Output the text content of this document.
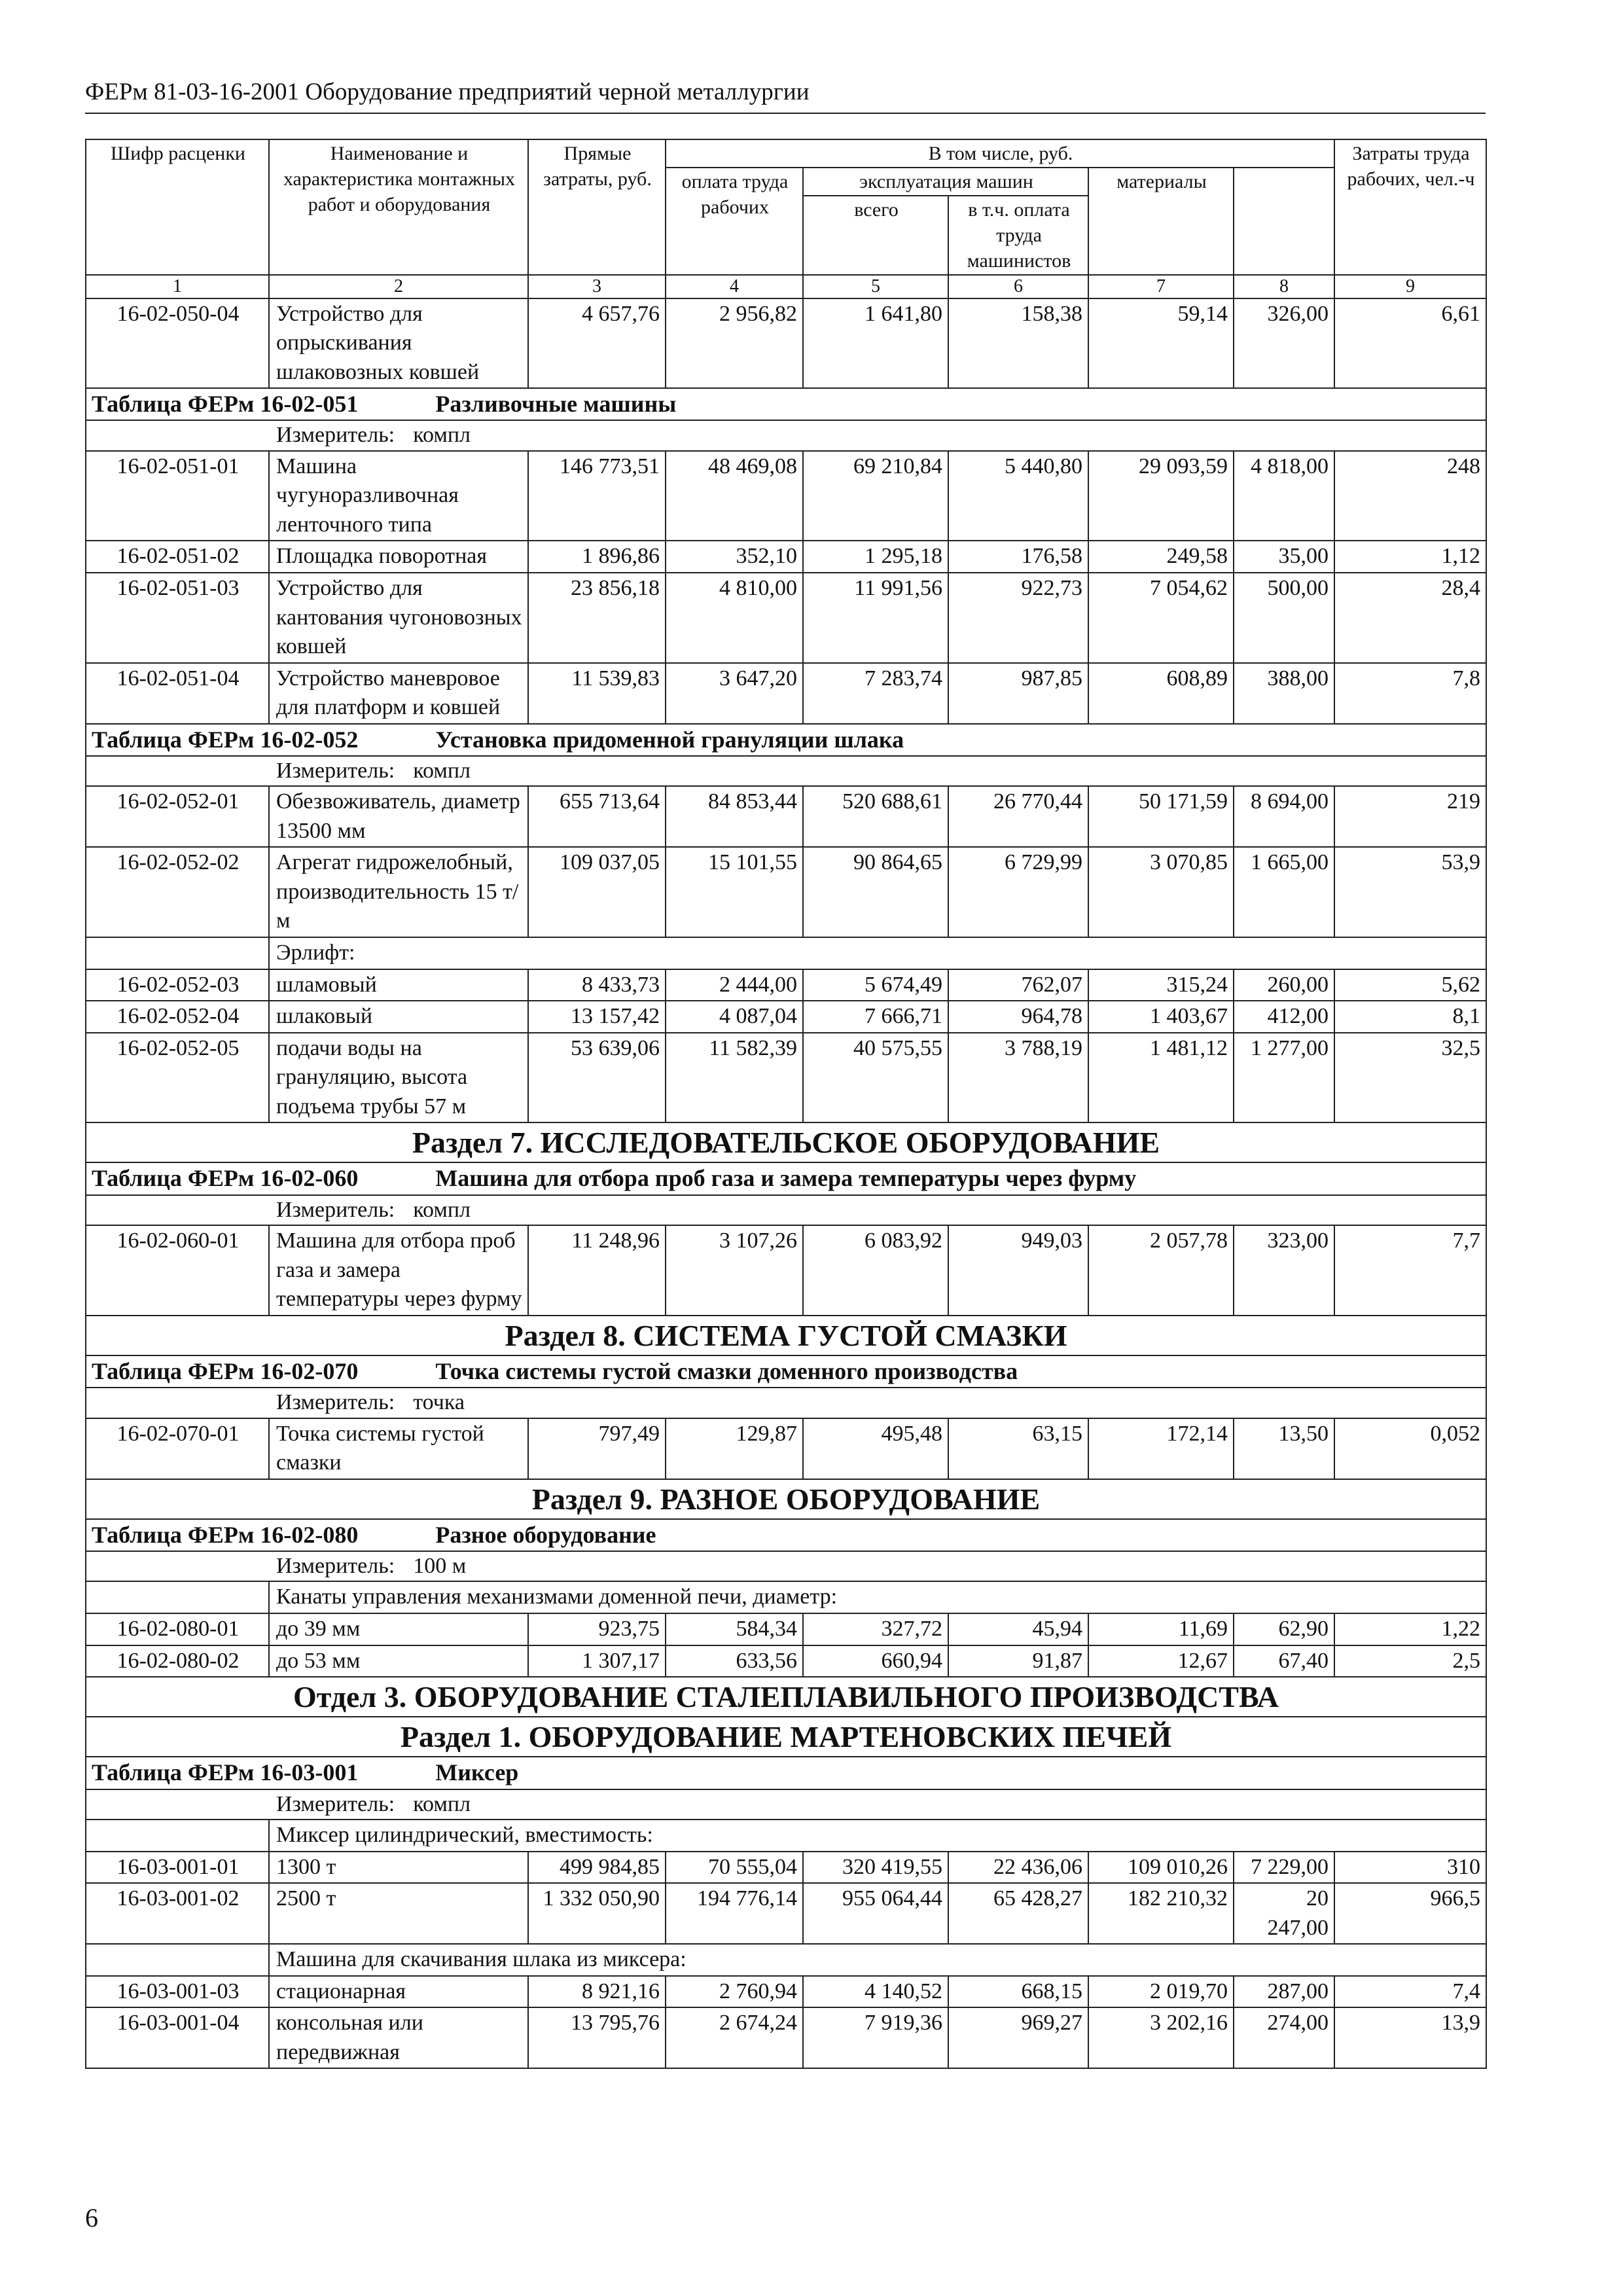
ФЕРм 81-03-16-2001 Оборудование предприятий черной металлургии
Шифр расценки	Наименование и характеристика монтажных работ и оборудования	Прямые затраты, руб.	В том числе, руб.					Затраты труда рабочих, чел.-ч	
			оплата труда рабочих	эксплуатация машин		материалы			
				всего	в т.ч. оплата труда машинистов				
1	2	3	4	5	6	7	8	9	
16-02-050-04	Устройство для опрыскивания шлаковозных ковшей	4 657,76	2 956,82	1 641,80	158,38	59,14	326,00	6,61	
Таблица ФЕРм 16-02-051 Разливочные машины									
Измеритель: компл									
16-02-051-01	Машина чугуноразливочная ленточного типа	146 773,51	48 469,08	69 210,84	5 440,80	29 093,59	4 818,00	248	
16-02-051-02	Площадка поворотная	1 896,86	352,10	1 295,18	176,58	249,58	35,00	1,12	
16-02-051-03	Устройство для кантования чугоновозных ковшей	23 856,18	4 810,00	11 991,56	922,73	7 054,62	500,00	28,4	
16-02-051-04	Устройство маневровое для платформ и ковшей	11 539,83	3 647,20	7 283,74	987,85	608,89	388,00	7,8	
Таблица ФЕРм 16-02-052 Установка придоменной грануляции шлака									
Измеритель: компл									
16-02-052-01	Обезвоживатель, диаметр 13500 мм	655 713,64	84 853,44	520 688,61	26 770,44	50 171,59	8 694,00	219	
16-02-052-02	Агрегат гидрожелобный, производительность 15 т/м	109 037,05	15 101,55	90 864,65	6 729,99	3 070,85	1 665,00	53,9	
	Эрлифт:								
16-02-052-03	шламовый	8 433,73	2 444,00	5 674,49	762,07	315,24	260,00	5,62	
16-02-052-04	шлаковый	13 157,42	4 087,04	7 666,71	964,78	1 403,67	412,00	8,1	
16-02-052-05	подачи воды на грануляцию, высота подъема трубы 57 м	53 639,06	11 582,39	40 575,55	3 788,19	1 481,12	1 277,00	32,5	
Раздел 7. ИССЛЕДОВАТЕЛЬСКОЕ ОБОРУДОВАНИЕ									
Таблица ФЕРм 16-02-060 Машина для отбора проб газа и замера температуры через фурму									
Измеритель: компл									
16-02-060-01	Машина для отбора проб газа и замера температуры через фурму	11 248,96	3 107,26	6 083,92	949,03	2 057,78	323,00	7,7	
Раздел 8. СИСТЕМА ГУСТОЙ СМАЗКИ									
Таблица ФЕРм 16-02-070 Точка системы густой смазки доменного производства									
Измеритель: точка									
16-02-070-01	Точка системы густой смазки	797,49	129,87	495,48	63,15	172,14	13,50	0,052	
Раздел 9. РАЗНОЕ ОБОРУДОВАНИЕ									
Таблица ФЕРм 16-02-080 Разное оборудование									
Измеритель: 100 м									
	Канаты управления механизмами доменной печи, диаметр:								
16-02-080-01	до 39 мм	923,75	584,34	327,72	45,94	11,69	62,90	1,22	
16-02-080-02	до 53 мм	1 307,17	633,56	660,94	91,87	12,67	67,40	2,5	
Отдел 3. ОБОРУДОВАНИЕ СТАЛЕПЛАВИЛЬНОГО ПРОИЗВОДСТВА									
Раздел 1. ОБОРУДОВАНИЕ МАРТЕНОВСКИХ ПЕЧЕЙ									
Таблица ФЕРм 16-03-001 Миксер									
Измеритель: компл									
	Миксер цилиндрический, вместимость:								
16-03-001-01	1300 т	499 984,85	70 555,04	320 419,55	22 436,06	109 010,26	7 229,00	310	
16-03-001-02	2500 т	1 332 050,90	194 776,14	955 064,44	65 428,27	182 210,32	20 247,00	966,5	
	Машина для скачивания шлака из миксера:								
16-03-001-03	стационарная	8 921,16	2 760,94	4 140,52	668,15	2 019,70	287,00	7,4	
16-03-001-04	консольная или передвижная	13 795,76	2 674,24	7 919,36	969,27	3 202,16	274,00	13,9	
6
